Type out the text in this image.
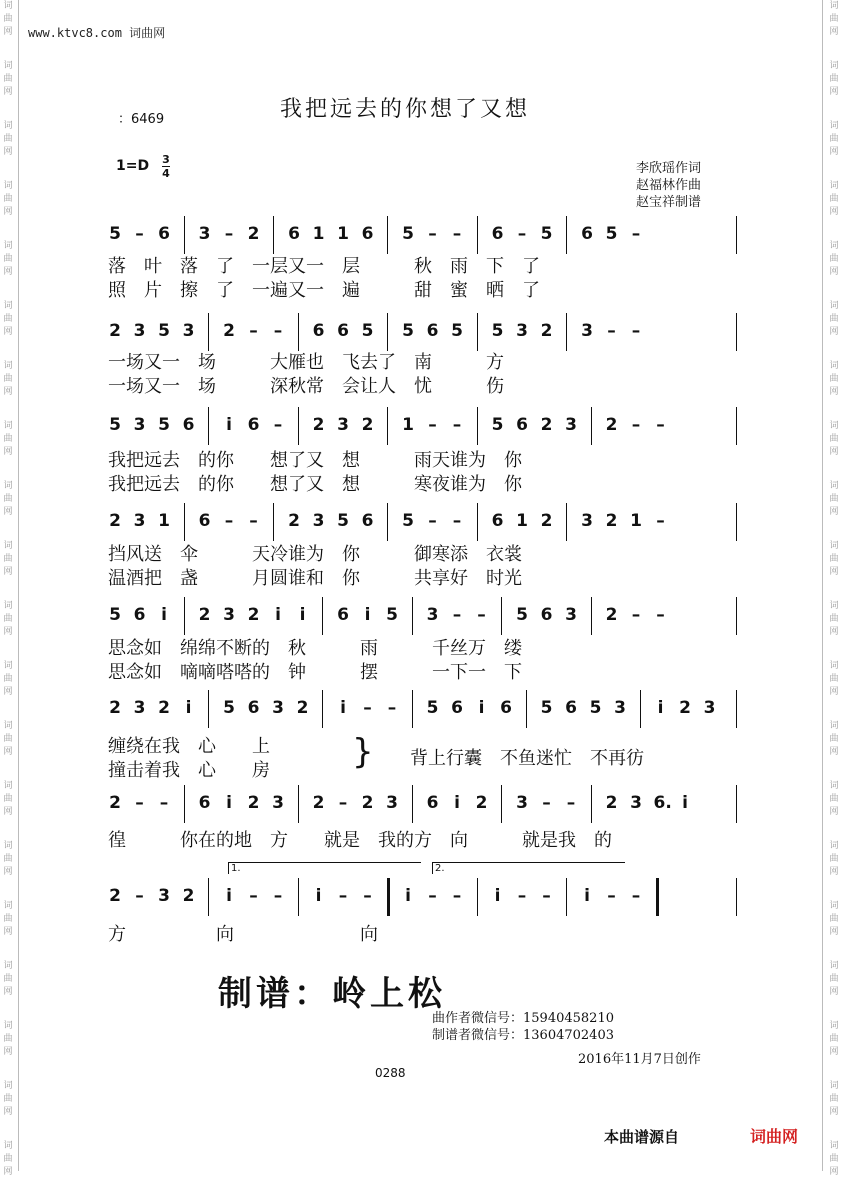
词
曲
网
词
曲
网
词
曲
网
词
曲
网
词
曲
网
词
曲
网
词
曲
网
词
曲
网
词
曲
网
词
曲
网
词
曲
网
词
曲
网
词
曲
网
词
曲
网
词
曲
网
词
曲
网
词
曲
网
词
曲
网
词
曲
网
词
曲
网
词
曲
网
词
曲
网
词
曲
网
词
曲
网
词
曲
网
词
曲
网
词
曲
网
词
曲
网
词
曲
网
词
曲
网
词
曲
网
词
曲
网
词
曲
网
词
曲
网
词
曲
网
词
曲
网
词
曲
网
词
曲
网
词
曲
网
词
曲
网
www.ktvc8.com 词曲网
：6469	我把远去的你想了又想
1=D 3
4	李欣瑶作词
赵福林作曲
赵宝祥制谱
5 – 6 3 – 2 6 1 1 6 5 – – 6 – 5 6 5 –
落　叶　落　了　一层又一　层　　　秋　雨　下　了
照　片　擦　了　一遍又一　遍　　　甜　蜜　晒　了
2 3 5 3 2 – – 6 6 5 5 6 5 5 3 2 3 – –
一场又一　场　　　大雁也　飞去了　南　　　方
一场又一　场　　　深秋常　会让人　忧　　　伤
5 3 5 6 i 6 – 2 3 2 1 – – 5 6 2 3 2 – –
我把远去　的你　　想了又　想　　　雨天谁为　你
我把远去　的你　　想了又　想　　　寒夜谁为　你
2 3 1 6 – – 2 3 5 6 5 – – 6 1 2 3 2 1 –
挡风送　伞　　　天冷谁为　你　　　御寒添　衣裳
温酒把　盏　　　月圆谁和　你　　　共享好　时光
5 6 i 2 3 2 i i 6 i 5 3 – – 5 6 3 2 – –
思念如　绵绵不断的　秋　　　雨　　　千丝万　缕
思念如　嘀嘀嗒嗒的　钟　　　摆　　　一下一　下
2 3 2 i 5 6 3 2 i – – 5 6 i 6 5 6 5 3 i 2 3
缠绕在我　心　　上
撞击着我　心　　房
背上行囊　不鱼迷忙　不再彷
}
2 – – 6 i 2 3 2 – 2 3 6 i 2 3 – – 2 3 6. i
徨　　　你在的地　方　　就是　我的方　向　　　就是我　的
2 – 3 2 i – – i – – i – – i – – i – –
1.	2.
方　　　　　向　　　　　　　向
制谱：岭上松
曲作者微信号：15940458210
制谱者微信号：13604702403
2016年11月7日创作
0288
本曲谱源自	词曲网
